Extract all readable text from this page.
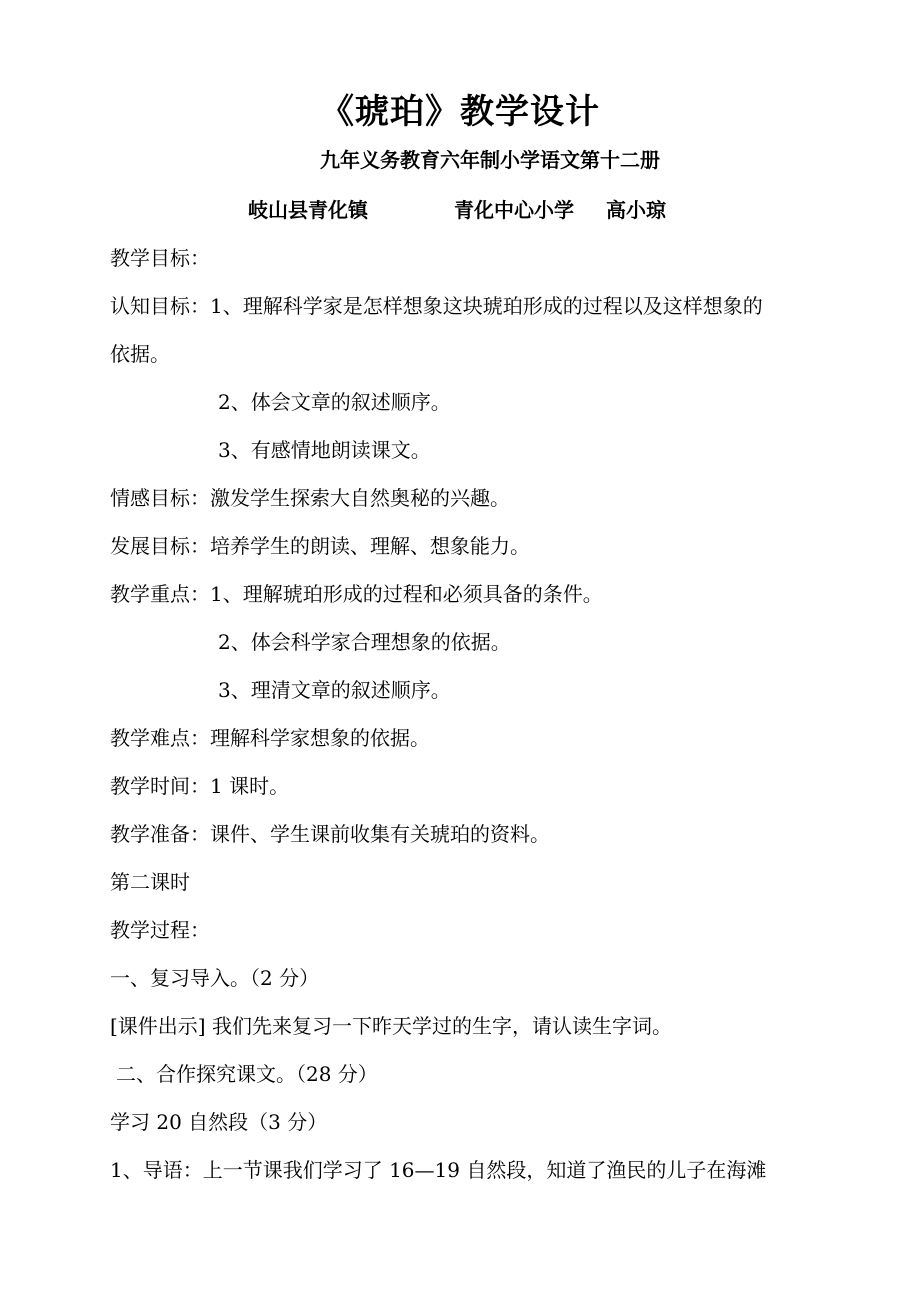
《琥珀》教学设计
九年义务教育六年制小学语文第十二册
岐山县青化镇	青化中心小学 高小琼
教学目标：
认知目标：1、理解科学家是怎样想象这块琥珀形成的过程以及这样想象的
依据。
2、体会文章的叙述顺序。
3、有感情地朗读课文。
情感目标：激发学生探索大自然奥秘的兴趣。
发展目标：培养学生的朗读、理解、想象能力。
教学重点：1、理解琥珀形成的过程和必须具备的条件。
2、体会科学家合理想象的依据。
3、理清文章的叙述顺序。
教学难点：理解科学家想象的依据。
教学时间：1 课时。
教学准备：课件、学生课前收集有关琥珀的资料。
第二课时
教学过程：
一、复习导入。（2 分）
[课件出示] 我们先来复习一下昨天学过的生字，请认读生字词。
二、合作探究课文。（28 分）
学习 20 自然段（3 分）
1、导语：上一节课我们学习了 16—19 自然段，知道了渔民的儿子在海滩
